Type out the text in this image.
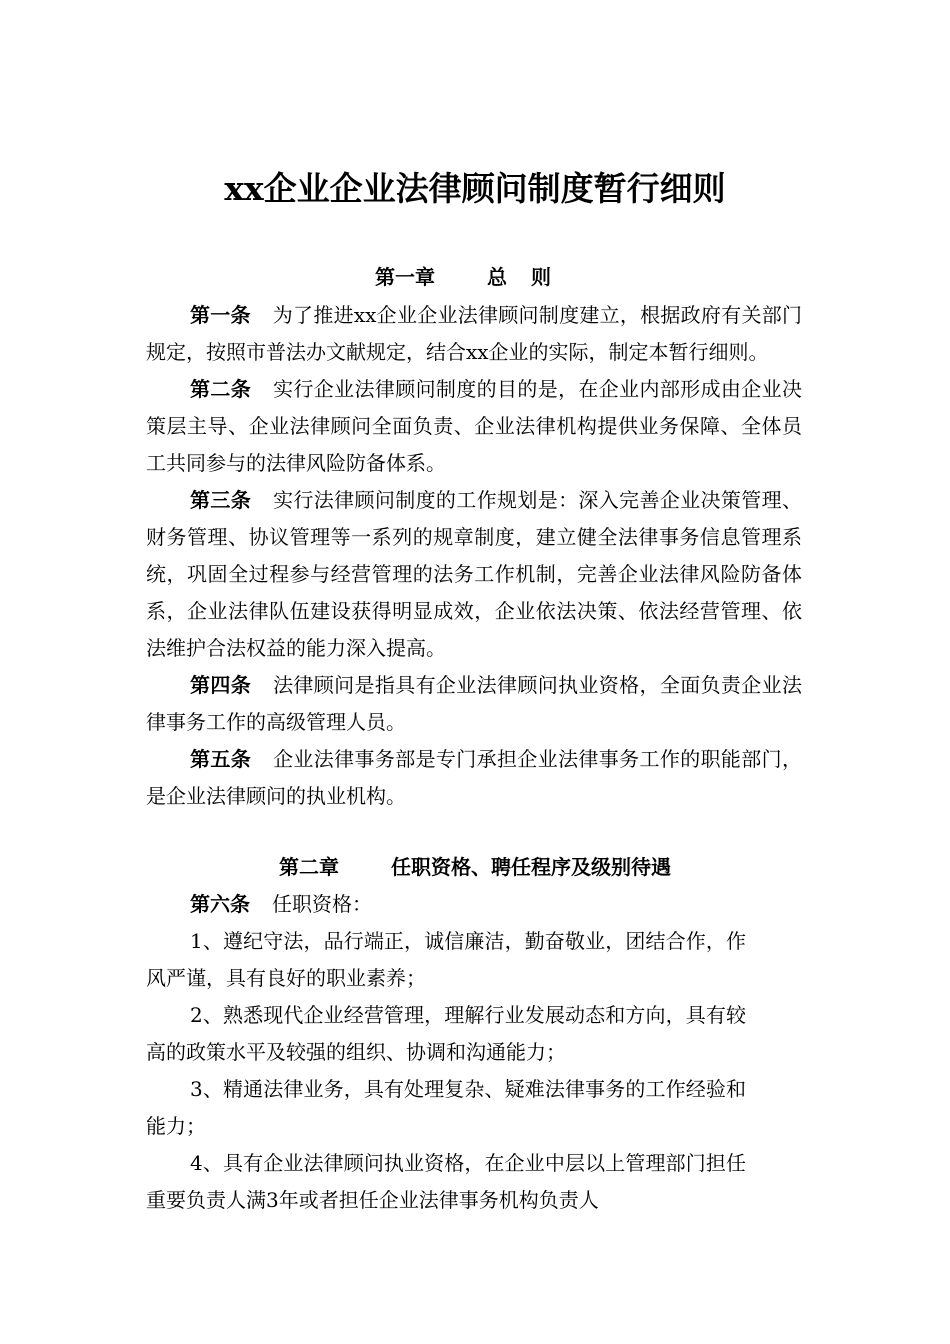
xx企业企业法律顾问制度暂行细则
第一章	总则

第一条 为了推进xx企业企业法律顾问制度建立，根据政府有关部门规定，按照市普法办文献规定，结合xx企业的实际，制定本暂行细则。

第二条 实行企业法律顾问制度的目的是，在企业内部形成由企业决策层主导、企业法律顾问全面负责、企业法律机构提供业务保障、全体员工共同参与的法律风险防备体系。

第三条 实行法律顾问制度的工作规划是：深入完善企业决策管理、财务管理、协议管理等一系列的规章制度，建立健全法律事务信息管理系统，巩固全过程参与经营管理的法务工作机制，完善企业法律风险防备体系，企业法律队伍建设获得明显成效，企业依法决策、依法经营管理、依法维护合法权益的能力深入提高。

第四条 法律顾问是指具有企业法律顾问执业资格，全面负责企业法律事务工作的高级管理人员。

第五条 企业法律事务部是专门承担企业法律事务工作的职能部门，是企业法律顾问的执业机构。

第二章	任职资格、聘任程序及级别待遇

第六条 任职资格：

1、遵纪守法，品行端正，诚信廉洁，勤奋敬业，团结合作，作风严谨，具有良好的职业素养；

2、熟悉现代企业经营管理，理解行业发展动态和方向，具有较高的政策水平及较强的组织、协调和沟通能力；

3、精通法律业务，具有处理复杂、疑难法律事务的工作经验和能力；

4、具有企业法律顾问执业资格，在企业中层以上管理部门担任重要负责人满3年或者担任企业法律事务机构负责人
